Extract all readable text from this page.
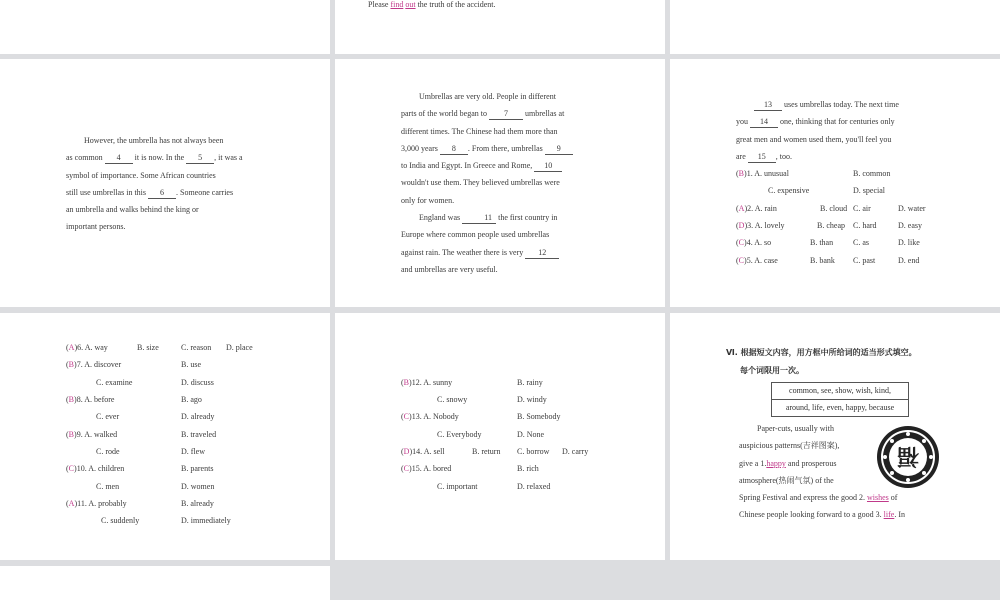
Please find out the truth of the accident.
However, the umbrella has not always been
as common 4 it is now. In the 5 , it was a
symbol of importance. Some African countries
still use umbrellas in this 6 . Someone carries
an umbrella and walks behind the king or
important persons.
Umbrellas are very old. People in different
parts of the world began to 7 umbrellas at
different times. The Chinese had them more than
3,000 years 8 . From there, umbrellas 9
to India and Egypt. In Greece and Rome, 10
wouldn't use them. They believed umbrellas were
only for women.
England was	11 the first country in
Europe where common people used umbrellas
against rain. The weather there is very 12
and umbrellas are very useful.
13 uses umbrellas today. The next time
you 14 one, thinking that for centuries only
great men and women used them, you'll feel you
are 15 , too.
(B)1. A. unusual	B. common
C. expensive	D. special
(A)2. A. rain	B. cloud C. air	D. water
(D)3. A. lovely	B. cheap C. hard	D. easy
(C)4. A. so	B. than C. as	D. like
(C)5. A. case	B. bank C. past	D. end
(A)6. A. way	B. size	C. reason D. place
(B)7. A. discover	B. use
C. examine	D. discuss
(B)8. A. before	B. ago
C. ever	D. already
(B)9. A. walked	B. traveled
C. rode	D. flew
(C)10. A. children	B. parents
C. men	D. women
(A)11. A. probably	B. already
C. suddenly	D. immediately
(B)12. A. sunny	B. rainy
C. snowy	D. windy
(C)13. A. Nobody	B. Somebody
C. Everybody	D. None
(D)14. A. sell	B. return C. borrow D. carry
(C)15. A. bored	B. rich
C. important	D. relaxed
Ⅵ. 根据短文内容，用方框中所给词的适当形式填空。
每个词限用一次。
common, see, show, wish, kind,
around, life, even, happy, because
Paper-cuts, usually with
auspicious patterns(吉祥图案),
give a 1.happy and prosperous
atmosphere(热闹气氛) of the
Spring Festival and express the good 2. wishes of
Chinese people looking forward to a good 3. life. In
福
